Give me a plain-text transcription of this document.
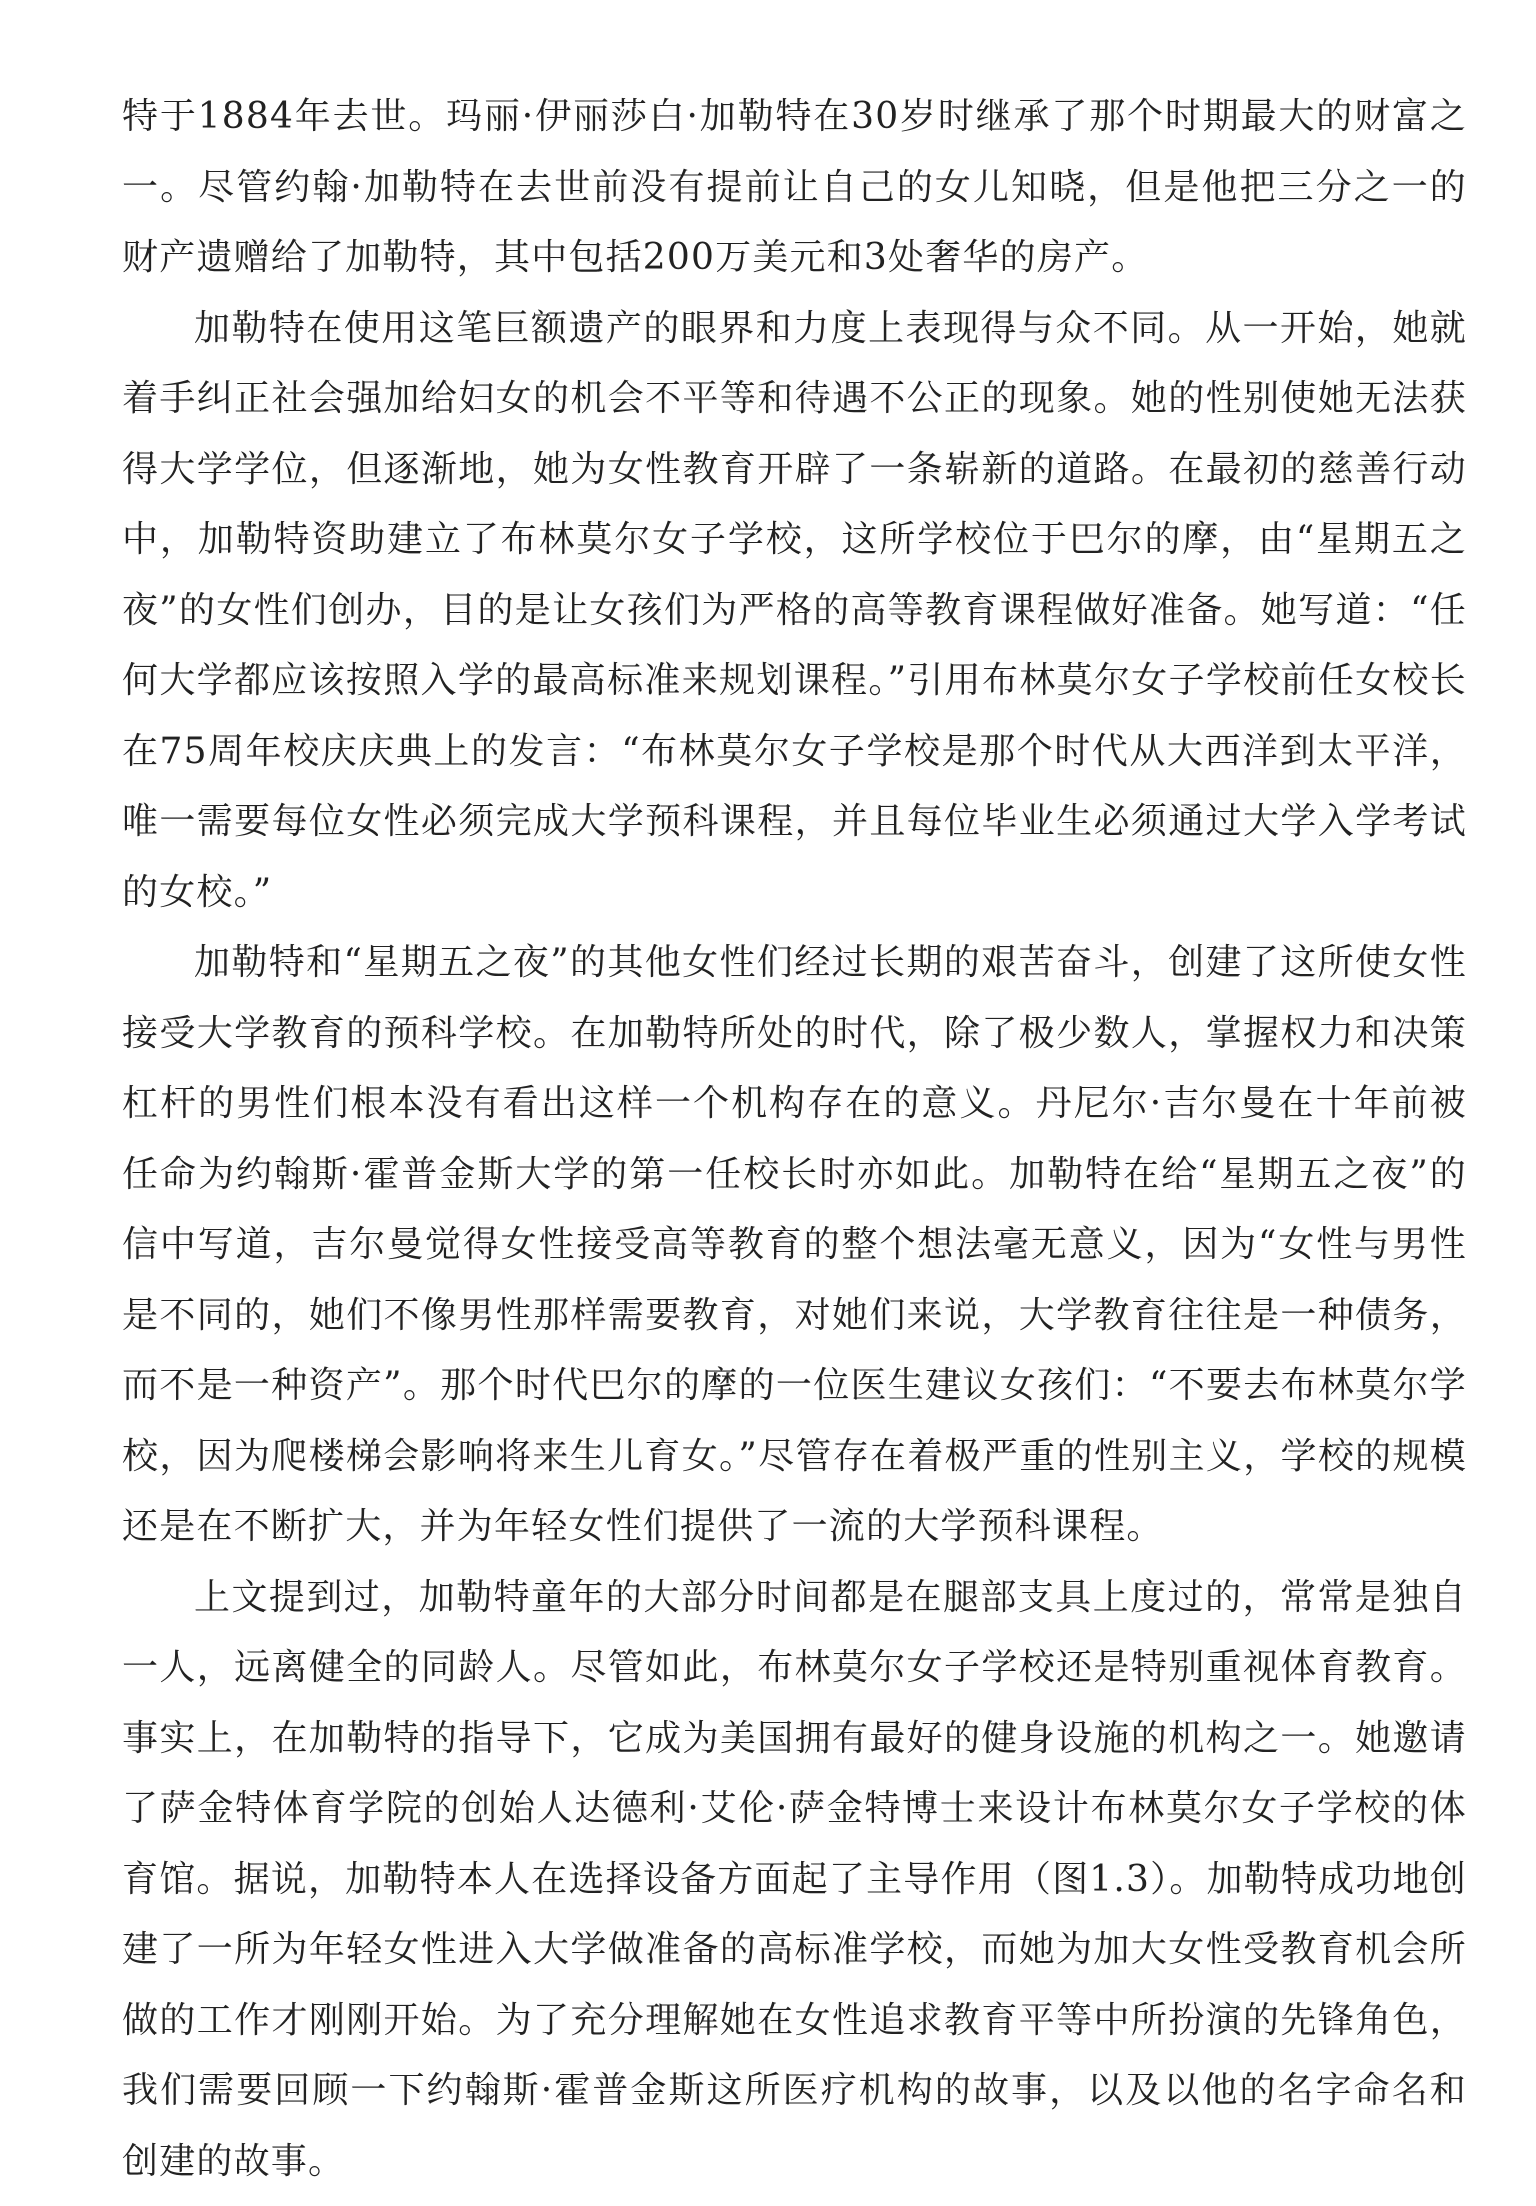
特于1884年去世。玛丽·伊丽莎白·加勒特在30岁时继承了那个时期最大的财富之一。尽管约翰·加勒特在去世前没有提前让自己的女儿知晓，但是他把三分之一的财产遗赠给了加勒特，其中包括200万美元和3处奢华的房产。

加勒特在使用这笔巨额遗产的眼界和力度上表现得与众不同。从一开始，她就着手纠正社会强加给妇女的机会不平等和待遇不公正的现象。她的性别使她无法获得大学学位，但逐渐地，她为女性教育开辟了一条崭新的道路。在最初的慈善行动中，加勒特资助建立了布林莫尔女子学校，这所学校位于巴尔的摩，由“星期五之夜”的女性们创办，目的是让女孩们为严格的高等教育课程做好准备。她写道：“任何大学都应该按照入学的最高标准来规划课程。”引用布林莫尔女子学校前任女校长在75周年校庆庆典上的发言：“布林莫尔女子学校是那个时代从大西洋到太平洋，唯一需要每位女性必须完成大学预科课程，并且每位毕业生必须通过大学入学考试的女校。”

加勒特和“星期五之夜”的其他女性们经过长期的艰苦奋斗，创建了这所使女性接受大学教育的预科学校。在加勒特所处的时代，除了极少数人，掌握权力和决策杠杆的男性们根本没有看出这样一个机构存在的意义。丹尼尔·吉尔曼在十年前被任命为约翰斯·霍普金斯大学的第一任校长时亦如此。加勒特在给“星期五之夜”的信中写道，吉尔曼觉得女性接受高等教育的整个想法毫无意义，因为“女性与男性是不同的，她们不像男性那样需要教育，对她们来说，大学教育往往是一种债务，而不是一种资产”。那个时代巴尔的摩的一位医生建议女孩们：“不要去布林莫尔学校，因为爬楼梯会影响将来生儿育女。”尽管存在着极严重的性别主义，学校的规模还是在不断扩大，并为年轻女性们提供了一流的大学预科课程。

上文提到过，加勒特童年的大部分时间都是在腿部支具上度过的，常常是独自一人，远离健全的同龄人。尽管如此，布林莫尔女子学校还是特别重视体育教育。事实上，在加勒特的指导下，它成为美国拥有最好的健身设施的机构之一。她邀请了萨金特体育学院的创始人达德利·艾伦·萨金特博士来设计布林莫尔女子学校的体育馆。据说，加勒特本人在选择设备方面起了主导作用（图1.3）。加勒特成功地创建了一所为年轻女性进入大学做准备的高标准学校，而她为加大女性受教育机会所做的工作才刚刚开始。为了充分理解她在女性追求教育平等中所扮演的先锋角色，我们需要回顾一下约翰斯·霍普金斯这所医疗机构的故事，以及以他的名字命名和创建的故事。
